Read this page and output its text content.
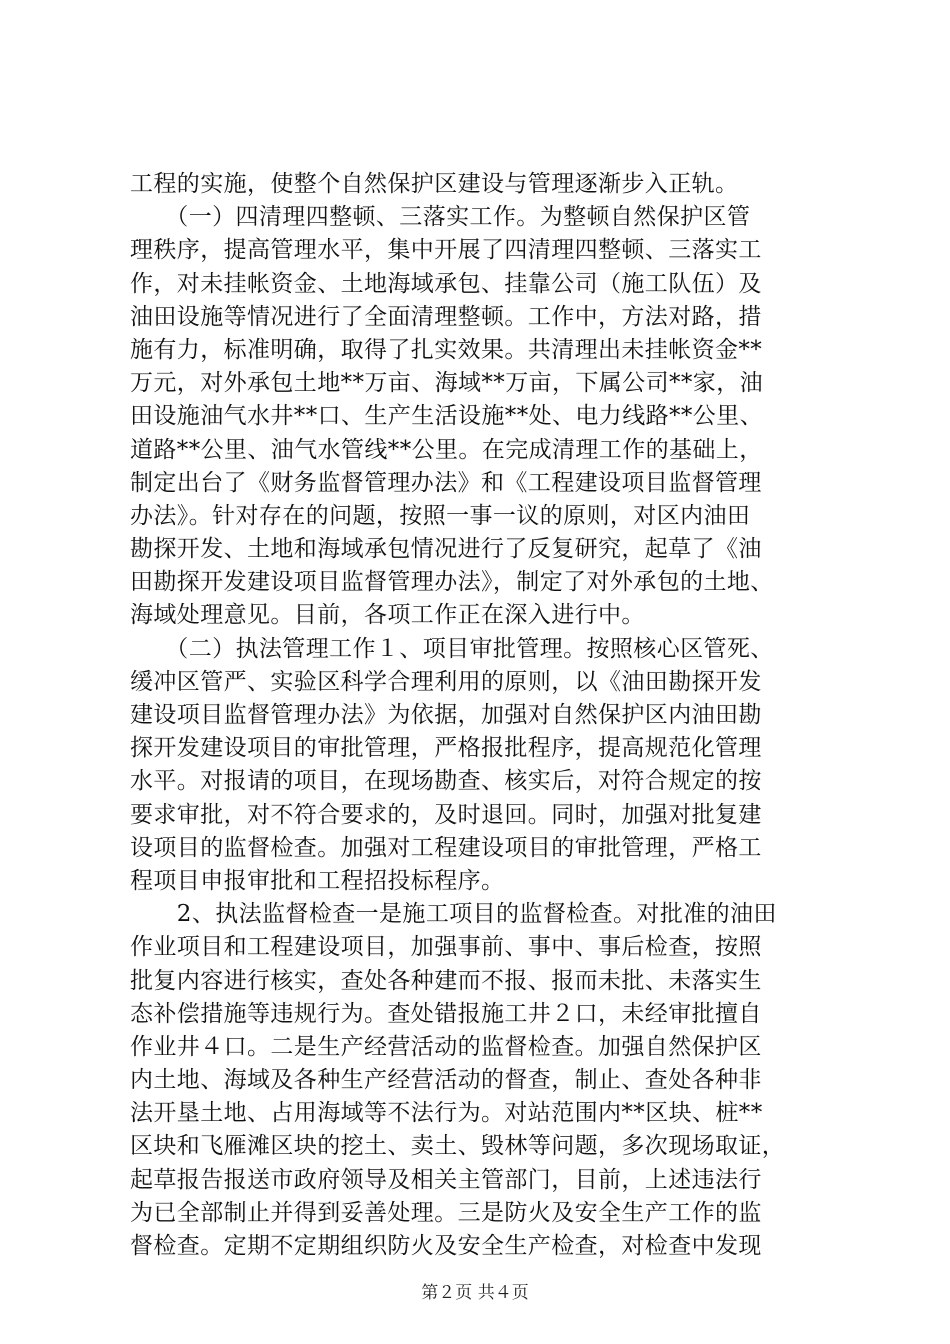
工程的实施，使整个自然保护区建设与管理逐渐步入正轨。
　　（一）四清理四整顿、三落实工作。为整顿自然保护区管
理秩序，提高管理水平，集中开展了四清理四整顿、三落实工
作，对未挂帐资金、土地海域承包、挂靠公司（施工队伍）及
油田设施等情况进行了全面清理整顿。工作中，方法对路，措
施有力，标准明确，取得了扎实效果。共清理出未挂帐资金**
万元，对外承包土地**万亩、海域**万亩，下属公司**家，油
田设施油气水井**口、生产生活设施**处、电力线路**公里、
道路**公里、油气水管线**公里。在完成清理工作的基础上，
制定出台了《财务监督管理办法》和《工程建设项目监督管理
办法》。针对存在的问题，按照一事一议的原则，对区内油田
勘探开发、土地和海域承包情况进行了反复研究，起草了《油
田勘探开发建设项目监督管理办法》，制定了对外承包的土地、
海域处理意见。目前，各项工作正在深入进行中。
　　（二）执法管理工作１、项目审批管理。按照核心区管死、
缓冲区管严、实验区科学合理利用的原则，以《油田勘探开发
建设项目监督管理办法》为依据，加强对自然保护区内油田勘
探开发建设项目的审批管理，严格报批程序，提高规范化管理
水平。对报请的项目，在现场勘查、核实后，对符合规定的按
要求审批，对不符合要求的，及时退回。同时，加强对批复建
设项目的监督检查。加强对工程建设项目的审批管理，严格工
程项目申报审批和工程招投标程序。
　　2、执法监督检查一是施工项目的监督检查。对批准的油田
作业项目和工程建设项目，加强事前、事中、事后检查，按照
批复内容进行核实，查处各种建而不报、报而未批、未落实生
态补偿措施等违规行为。查处错报施工井２口，未经审批擅自
作业井４口。二是生产经营活动的监督检查。加强自然保护区
内土地、海域及各种生产经营活动的督查，制止、查处各种非
法开垦土地、占用海域等不法行为。对站范围内**区块、桩**
区块和飞雁滩区块的挖土、卖土、毁林等问题，多次现场取证，
起草报告报送市政府领导及相关主管部门，目前，上述违法行
为已全部制止并得到妥善处理。三是防火及安全生产工作的监
督检查。定期不定期组织防火及安全生产检查，对检查中发现
第２页 共４页
